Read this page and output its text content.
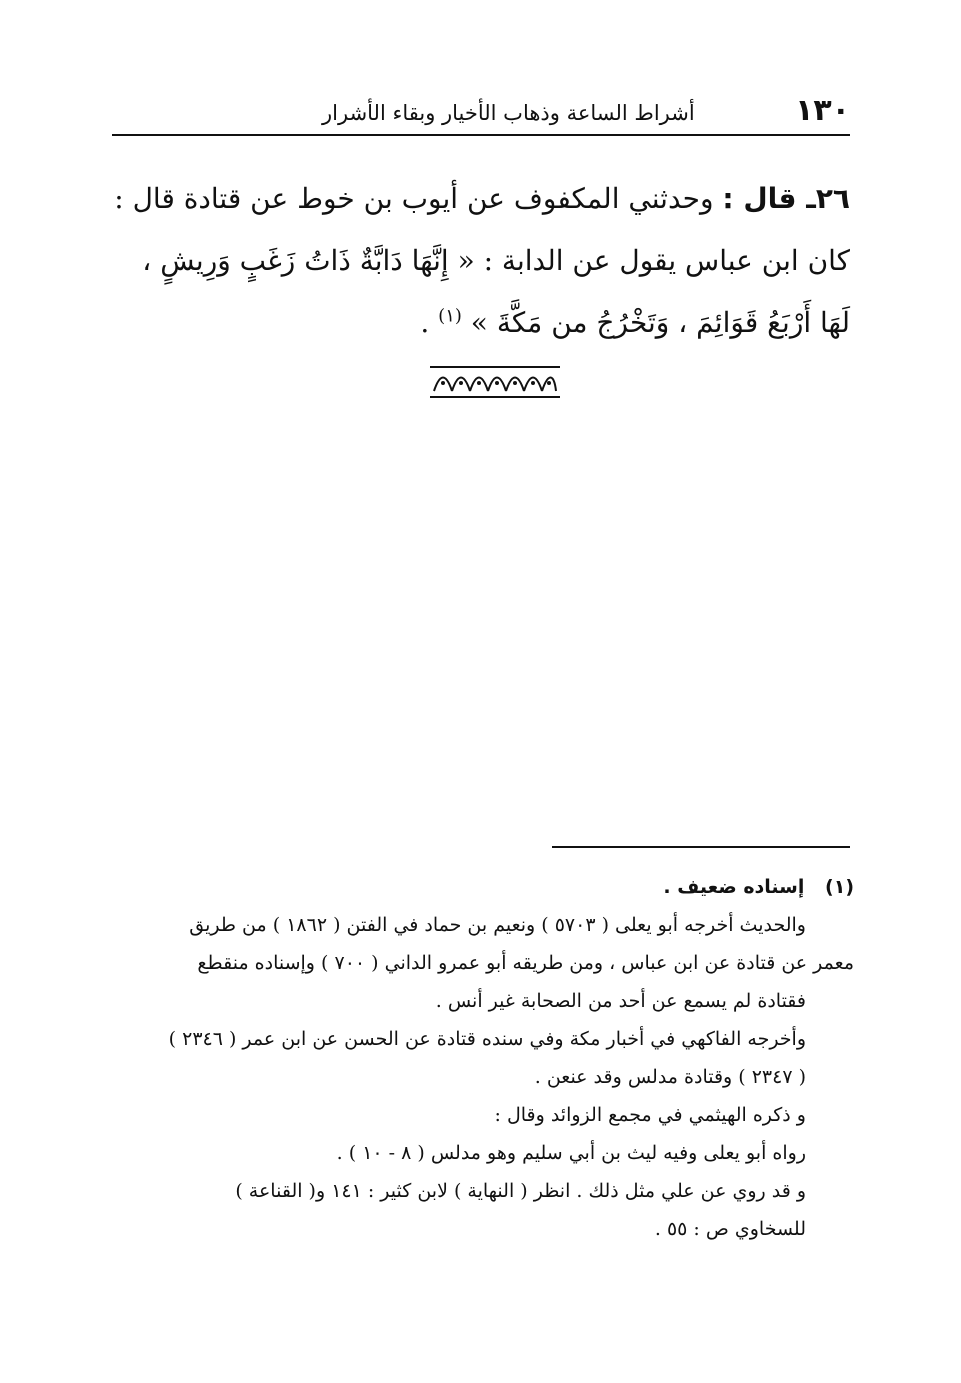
١٣٠
أشراط الساعة وذهاب الأخيار وبقاء الأشرار

٢٦ـ قال : وحدثني المكفوف عن أيوب بن خوط عن قتادة قال :

كان ابن عباس يقول عن الدابة : « إِنَّهَا دَابَّةٌ ذَاتُ زَغَبٍ وَرِيشٍ ،

لَهَا أَرْبَعُ قَوَائِمَ ، وَتَخْرُجُ من مَكَّةَ » $^{(١)}$ .

(١) إسناده ضعيف .

والحديث أخرجه أبو يعلى ( ٥٧٠٣ ) ونعيم بن حماد في الفتن ( ١٨٦٢ ) من طريق

معمر عن قتادة عن ابن عباس ، ومن طريقه أبو عمرو الداني ( ٧٠٠ ) وإسناده منقطع

فقتادة لم يسمع عن أحد من الصحابة غير أنس .

وأخرجه الفاكهي في أخبار مكة وفي سنده قتادة عن الحسن عن ابن عمر ( ٢٣٤٦ )

( ٢٣٤٧ ) وقتادة مدلس وقد عنعن .

و ذكره الهيثمي في مجمع الزوائد وقال :

رواه أبو يعلى وفيه ليث بن أبي سليم وهو مدلس ( ٨ - ١٠ ) .

و قد روي عن علي مثل ذلك . انظر ( النهاية ) لابن كثير : ١٤١ و( القناعة )

للسخاوي ص : ٥٥ .
